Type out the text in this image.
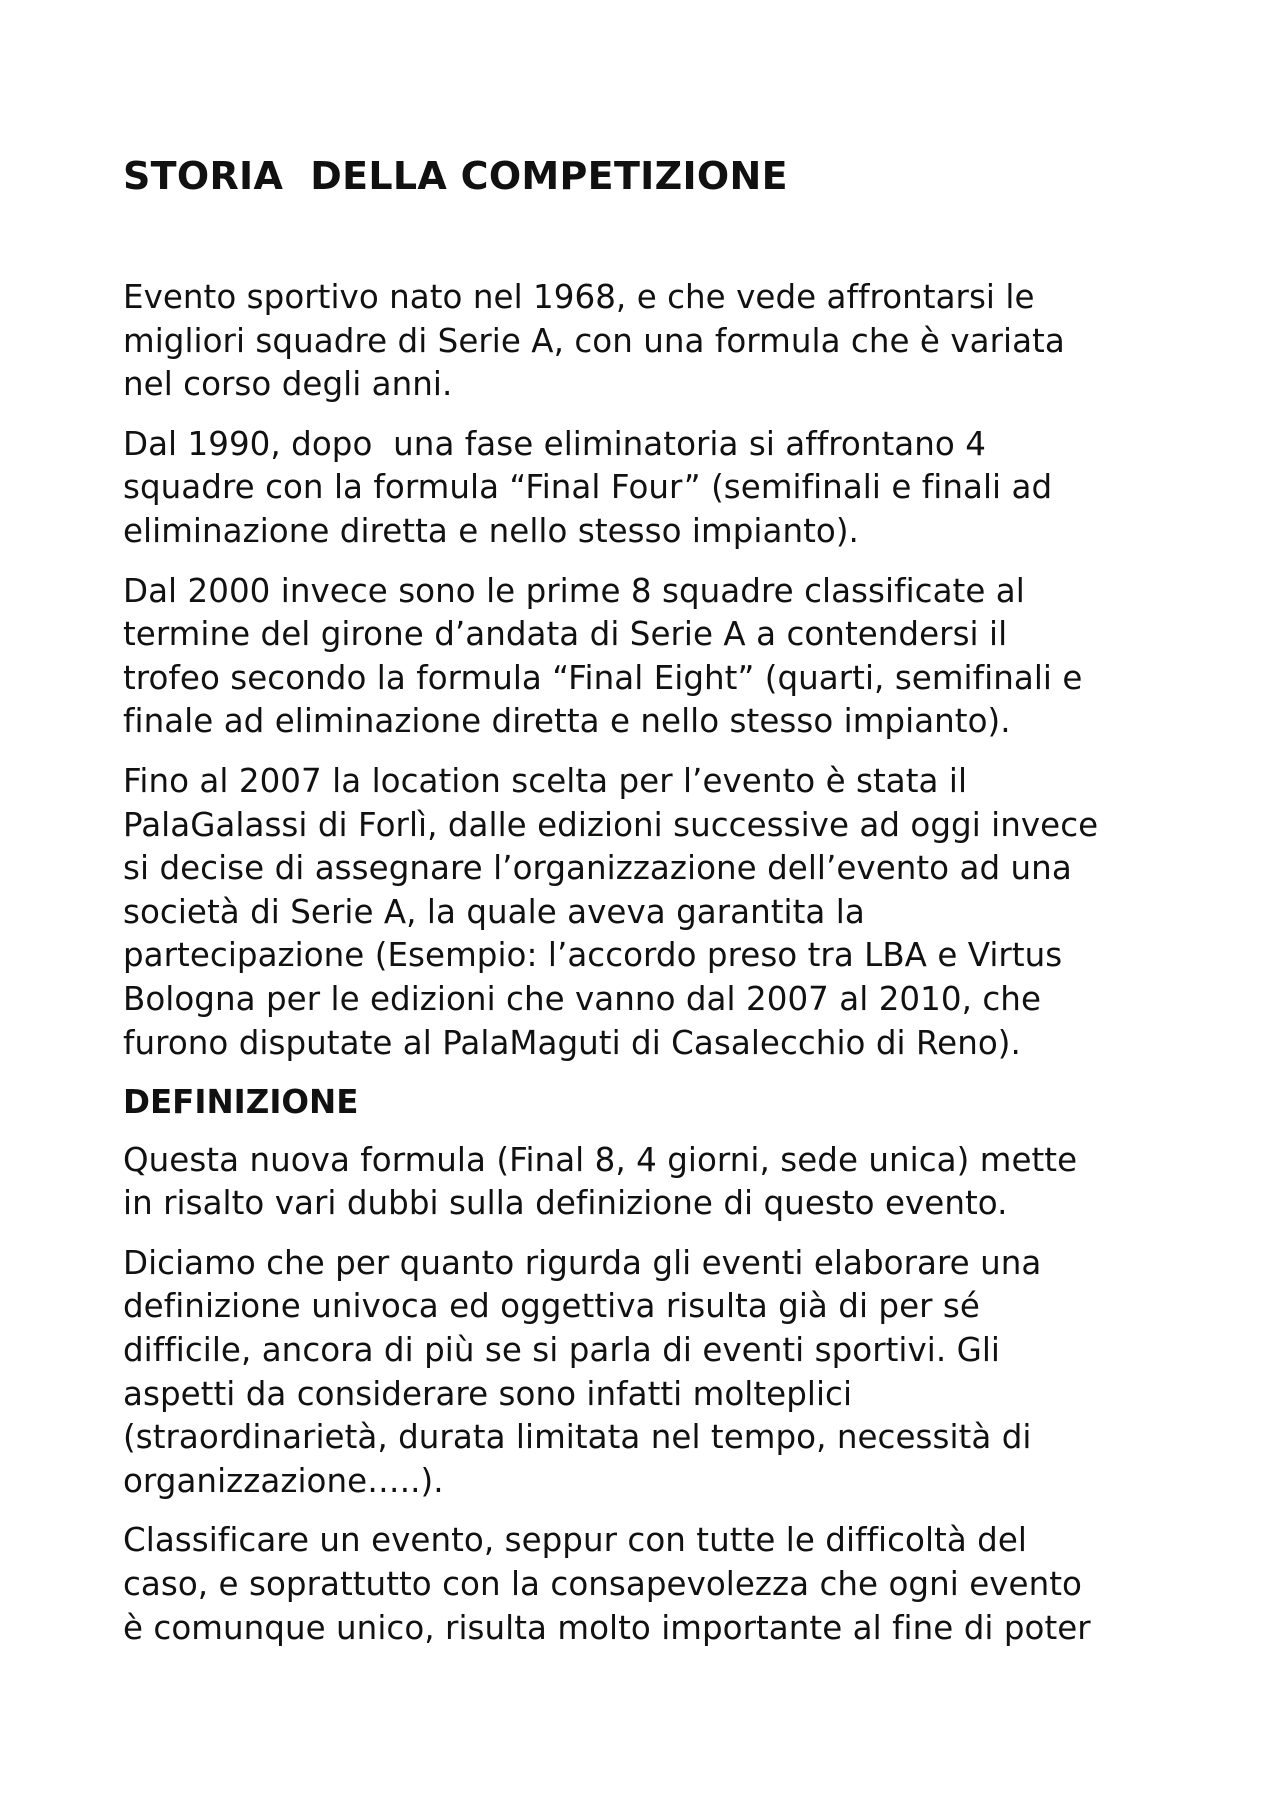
STORIA  DELLA COMPETIZIONE

Evento sportivo nato nel 1968, e che vede affrontarsi le
migliori squadre di Serie A, con una formula che è variata
nel corso degli anni.

Dal 1990, dopo  una fase eliminatoria si affrontano 4
squadre con la formula “Final Four” (semifinali e finali ad
eliminazione diretta e nello stesso impianto).

Dal 2000 invece sono le prime 8 squadre classificate al
termine del girone d’andata di Serie A a contendersi il
trofeo secondo la formula “Final Eight” (quarti, semifinali e
finale ad eliminazione diretta e nello stesso impianto).

Fino al 2007 la location scelta per l’evento è stata il
PalaGalassi di Forlì, dalle edizioni successive ad oggi invece
si decise di assegnare l’organizzazione dell’evento ad una
società di Serie A, la quale aveva garantita la
partecipazione (Esempio: l’accordo preso tra LBA e Virtus
Bologna per le edizioni che vanno dal 2007 al 2010, che
furono disputate al PalaMaguti di Casalecchio di Reno).

DEFINIZIONE

Questa nuova formula (Final 8, 4 giorni, sede unica) mette
in risalto vari dubbi sulla definizione di questo evento.

Diciamo che per quanto rigurda gli eventi elaborare una
definizione univoca ed oggettiva risulta già di per sé
difficile, ancora di più se si parla di eventi sportivi. Gli
aspetti da considerare sono infatti molteplici
(straordinarietà, durata limitata nel tempo, necessità di
organizzazione…..).

Classificare un evento, seppur con tutte le difficoltà del
caso, e soprattutto con la consapevolezza che ogni evento
è comunque unico, risulta molto importante al fine di poter
